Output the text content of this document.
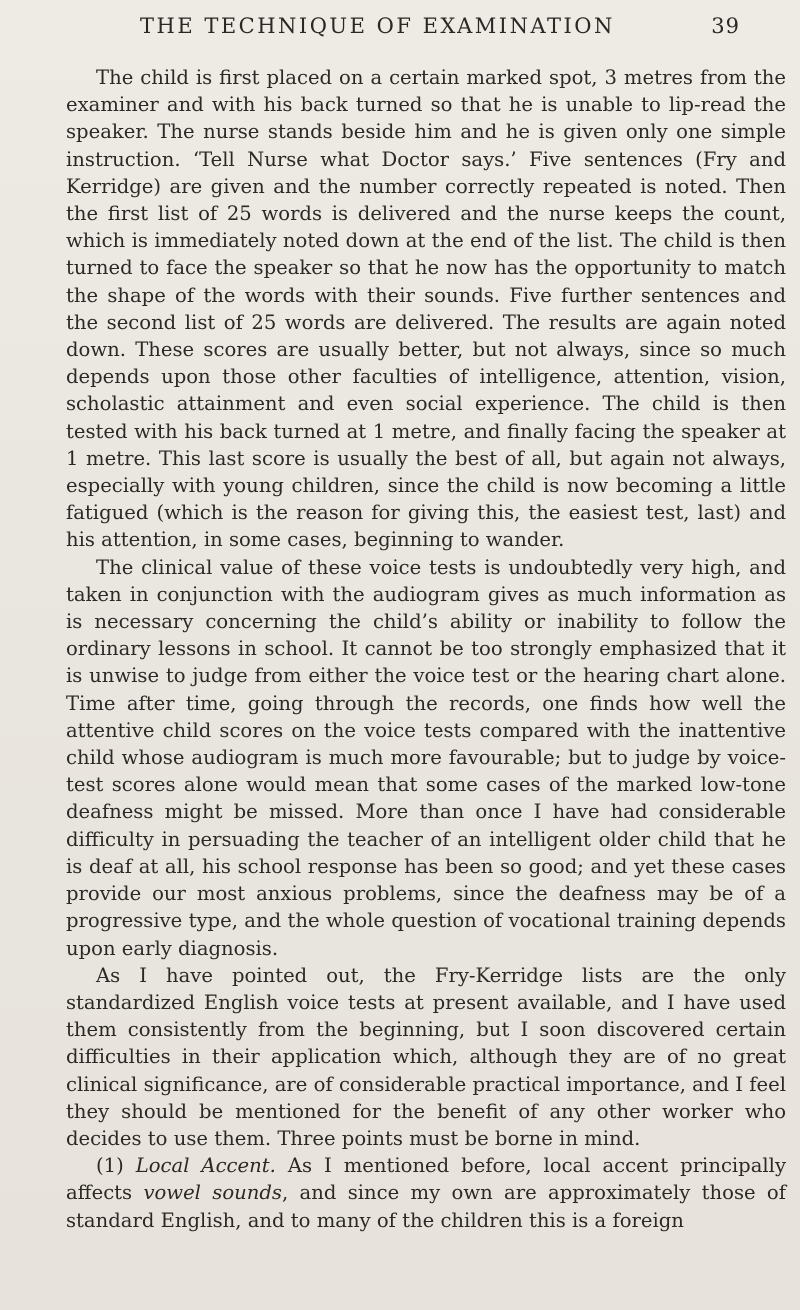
THE TECHNIQUE OF EXAMINATION	39

The child is first placed on a certain marked spot, 3 metres from the examiner and with his back turned so that he is unable to lip-read the speaker. The nurse stands beside him and he is given only one simple instruction. ‘Tell Nurse what Doctor says.’ Five sentences (Fry and Kerridge) are given and the number correctly repeated is noted. Then the first list of 25 words is delivered and the nurse keeps the count, which is immediately noted down at the end of the list. The child is then turned to face the speaker so that he now has the opportunity to match the shape of the words with their sounds. Five further sentences and the second list of 25 words are delivered. The results are again noted down. These scores are usually better, but not always, since so much depends upon those other faculties of intelligence, attention, vision, scholastic attainment and even social experience. The child is then tested with his back turned at 1 metre, and finally facing the speaker at 1 metre. This last score is usually the best of all, but again not always, especially with young children, since the child is now becoming a little fatigued (which is the reason for giving this, the easiest test, last) and his attention, in some cases, beginning to wander.

The clinical value of these voice tests is undoubtedly very high, and taken in conjunction with the audiogram gives as much information as is necessary concerning the child’s ability or inability to follow the ordinary lessons in school. It cannot be too strongly emphasized that it is unwise to judge from either the voice test or the hearing chart alone. Time after time, going through the records, one finds how well the attentive child scores on the voice tests compared with the inattentive child whose audiogram is much more favourable; but to judge by voice-test scores alone would mean that some cases of the marked low-tone deafness might be missed. More than once I have had considerable difficulty in persuading the teacher of an intelligent older child that he is deaf at all, his school response has been so good; and yet these cases provide our most anxious problems, since the deafness may be of a progressive type, and the whole question of vocational training depends upon early diagnosis.

As I have pointed out, the Fry-Kerridge lists are the only standardized English voice tests at present available, and I have used them consistently from the beginning, but I soon discovered certain difficulties in their application which, although they are of no great clinical significance, are of considerable practical importance, and I feel they should be mentioned for the benefit of any other worker who decides to use them. Three points must be borne in mind.

(1) Local Accent. As I mentioned before, local accent principally affects vowel sounds, and since my own are approximately those of standard English, and to many of the children this is a foreign
